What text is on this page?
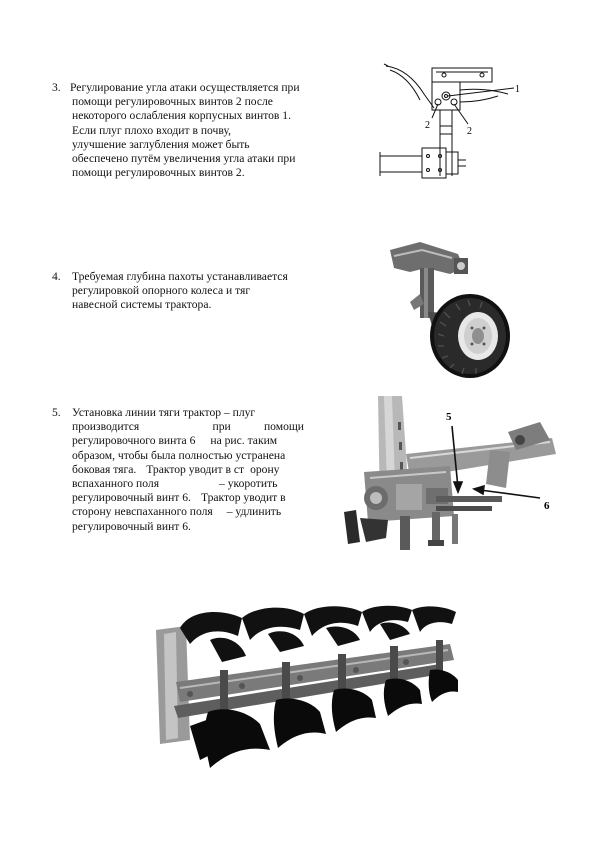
3. Регулирование угла атаки осуществляется при
помощи регулировочных винтов 2 после
некоторого ослабления корпусных винтов 1.
Если плуг плохо входит в почву,
улучшение заглубления может быть
обеспечено путём увеличения угла атаки при
помощи регулировочных винтов 2.
1
2
2
4. Требуемая глубина пахоты устанавливается
регулировкой опорного колеса и тяг
навесной системы трактора.
5. Установка линии тяги трактор – плуг
производится	при	помощи
регулировочного винта 6 на рис. таким
образом, чтобы была полностью устранена
боковая тяга. Трактор уводит в ст орону
вспаханного поля	– укоротить
регулировочный винт 6. Трактор уводит в
сторону невспаханного поля – удлинить
регулировочный винт 6.
5
6
